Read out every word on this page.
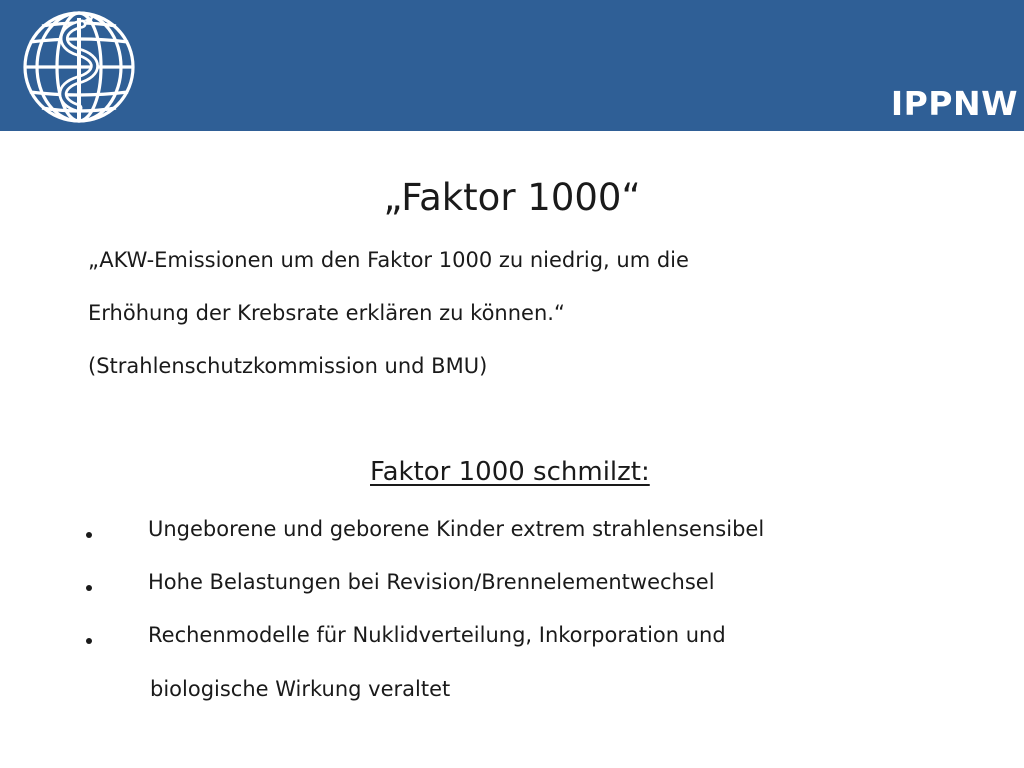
IPPNW
„Faktor 1000“
„AKW-Emissionen um den Faktor 1000 zu niedrig, um die
Erhöhung der Krebsrate erklären zu können.“
(Strahlenschutzkommission und BMU)
Faktor 1000 schmilzt:
Ungeborene und geborene Kinder extrem strahlensensibel
Hohe Belastungen bei Revision/Brennelementwechsel
Rechenmodelle für Nuklidverteilung, Inkorporation und
biologische Wirkung veraltet
